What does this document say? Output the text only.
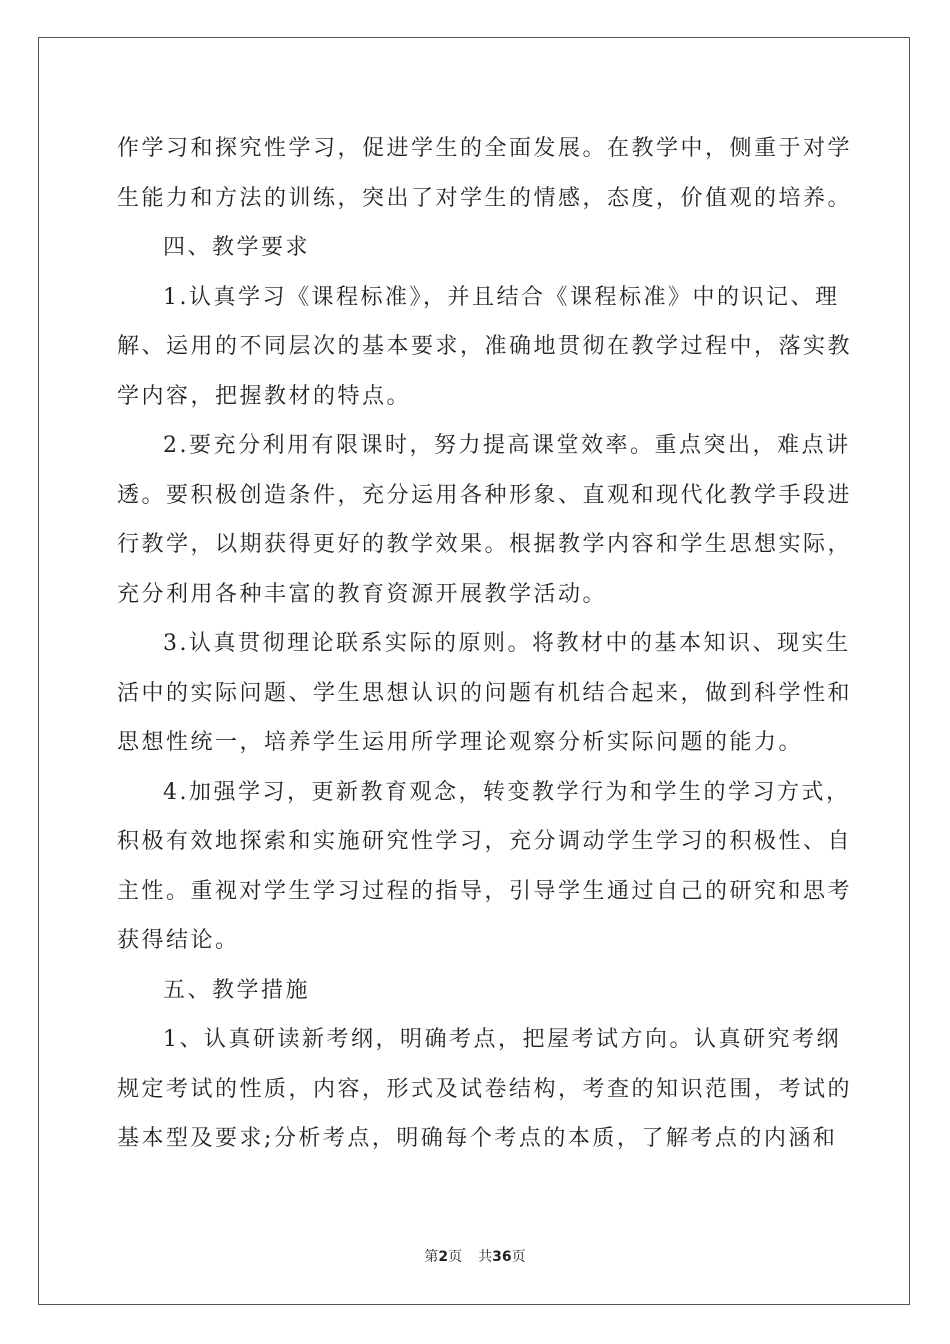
作学习和探究性学习，促进学生的全面发展。在教学中，侧重于对学
生能力和方法的训练，突出了对学生的情感，态度，价值观的培养。
四、教学要求
1.认真学习《课程标准》，并且结合《课程标准》中的识记、理
解、运用的不同层次的基本要求，准确地贯彻在教学过程中，落实教
学内容，把握教材的特点。
2.要充分利用有限课时，努力提高课堂效率。重点突出，难点讲
透。要积极创造条件，充分运用各种形象、直观和现代化教学手段进
行教学，以期获得更好的教学效果。根据教学内容和学生思想实际，
充分利用各种丰富的教育资源开展教学活动。
3.认真贯彻理论联系实际的原则。将教材中的基本知识、现实生
活中的实际问题、学生思想认识的问题有机结合起来，做到科学性和
思想性统一，培养学生运用所学理论观察分析实际问题的能力。
4.加强学习，更新教育观念，转变教学行为和学生的学习方式，
积极有效地探索和实施研究性学习，充分调动学生学习的积极性、自
主性。重视对学生学习过程的指导，引导学生通过自己的研究和思考
获得结论。
五、教学措施
1、认真研读新考纲，明确考点，把屋考试方向。认真研究考纲
规定考试的性质，内容，形式及试卷结构，考查的知识范围，考试的
基本型及要求;分析考点，明确每个考点的本质，了解考点的内涵和
第2页 共36页
